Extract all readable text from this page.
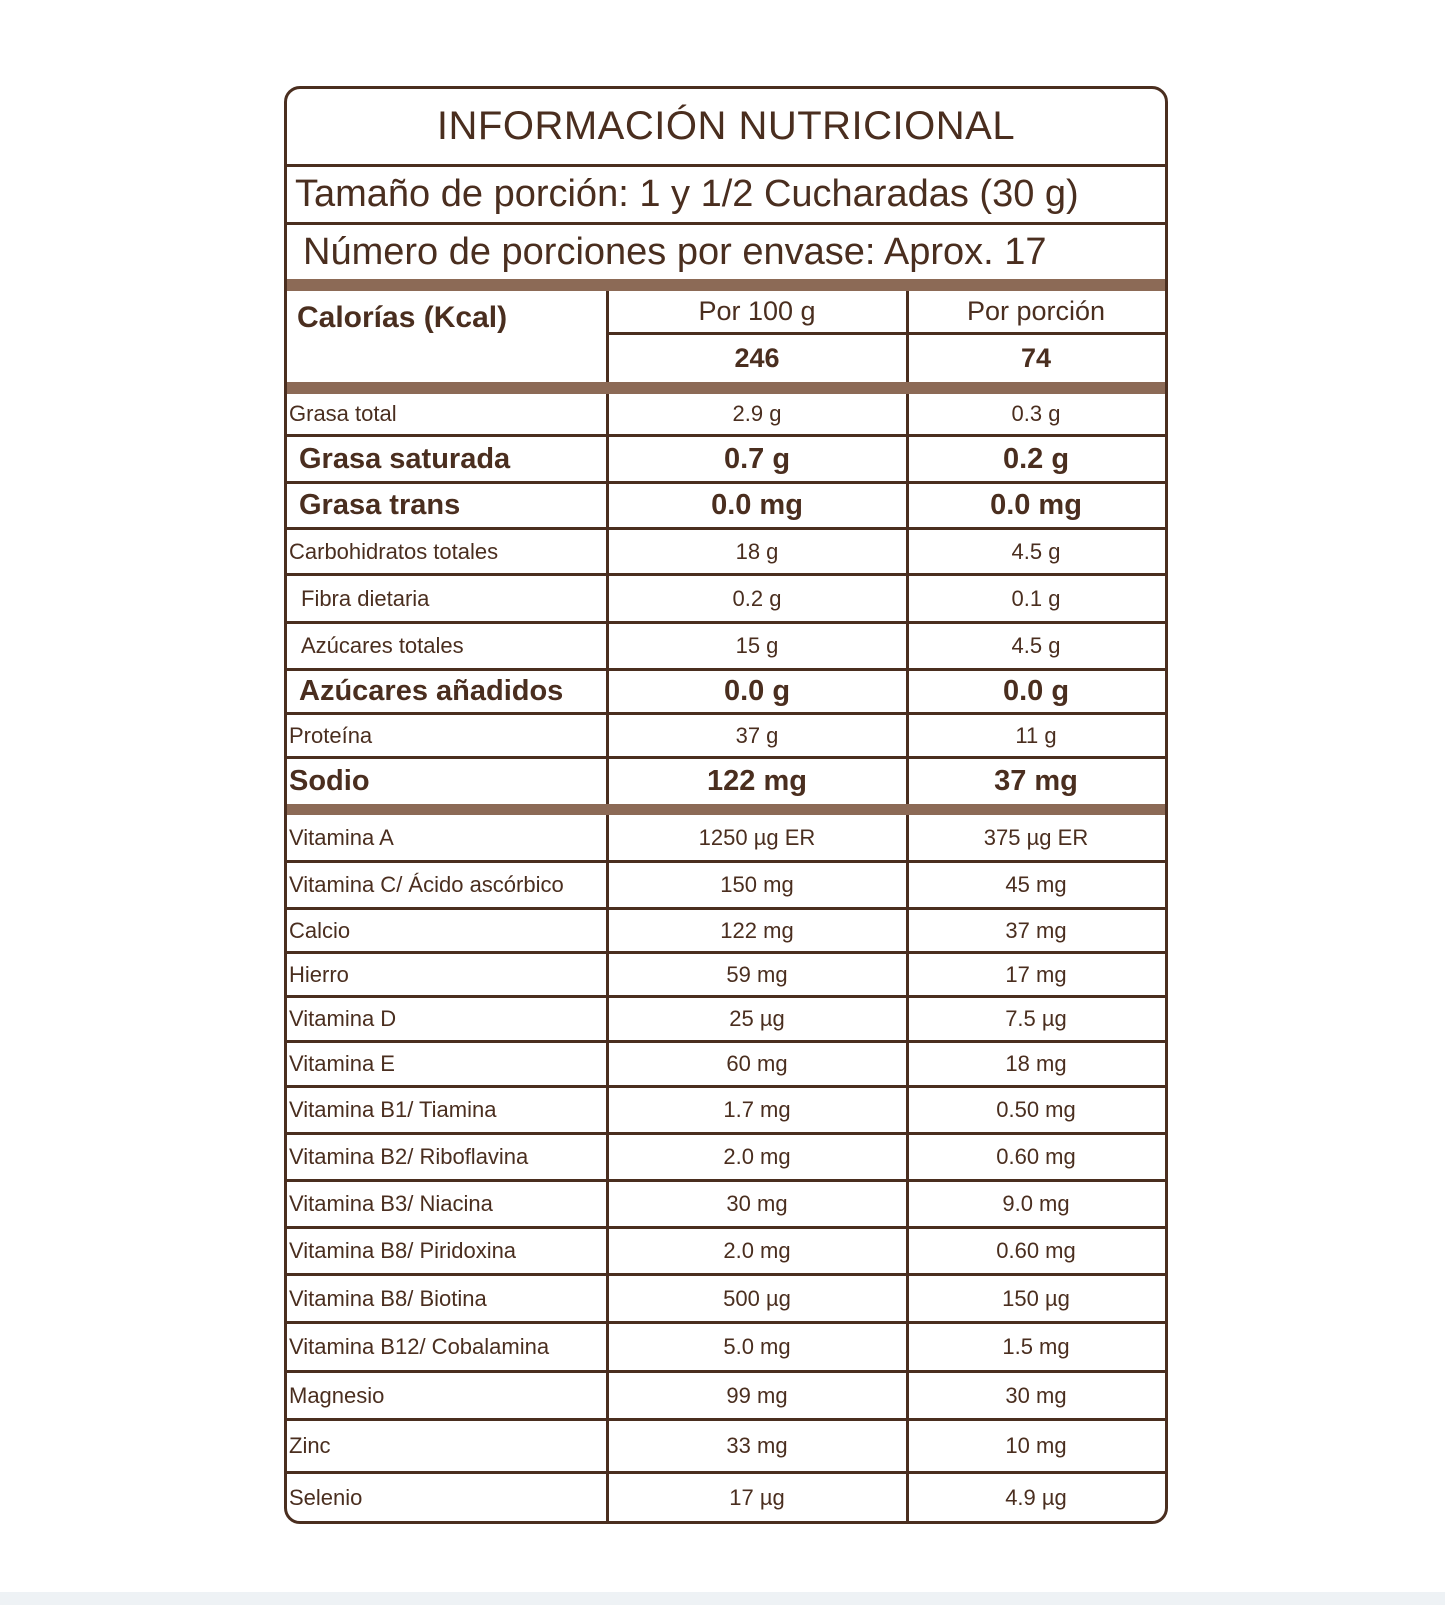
INFORMACIÓN NUTRICIONAL
Tamaño de porción: 1 y 1/2 Cucharadas (30 g)
Número de porciones por envase: Aprox. 17
Calorías (Kcal)	Por 100 g	Por porción
246	74
Grasa total	2.9 g	0.3 g
Grasa saturada	0.7 g	0.2 g
Grasa trans	0.0 mg	0.0 mg
Carbohidratos totales	18 g	4.5 g
Fibra dietaria	0.2 g	0.1 g
Azúcares totales	15 g	4.5 g
Azúcares añadidos	0.0 g	0.0 g
Proteína	37 g	11 g
Sodio	122 mg	37 mg
Vitamina A	1250 µg ER	375 µg ER
Vitamina C/ Ácido ascórbico	150 mg	45 mg
Calcio	122 mg	37 mg
Hierro	59 mg	17 mg
Vitamina D	25 µg	7.5 µg
Vitamina E	60 mg	18 mg
Vitamina B1/ Tiamina	1.7 mg	0.50 mg
Vitamina B2/ Riboflavina	2.0 mg	0.60 mg
Vitamina B3/ Niacina	30 mg	9.0 mg
Vitamina B8/ Piridoxina	2.0 mg	0.60 mg
Vitamina B8/ Biotina	500 µg	150 µg
Vitamina B12/ Cobalamina	5.0 mg	1.5 mg
Magnesio	99 mg	30 mg
Zinc	33 mg	10 mg
Selenio	17 µg	4.9 µg
